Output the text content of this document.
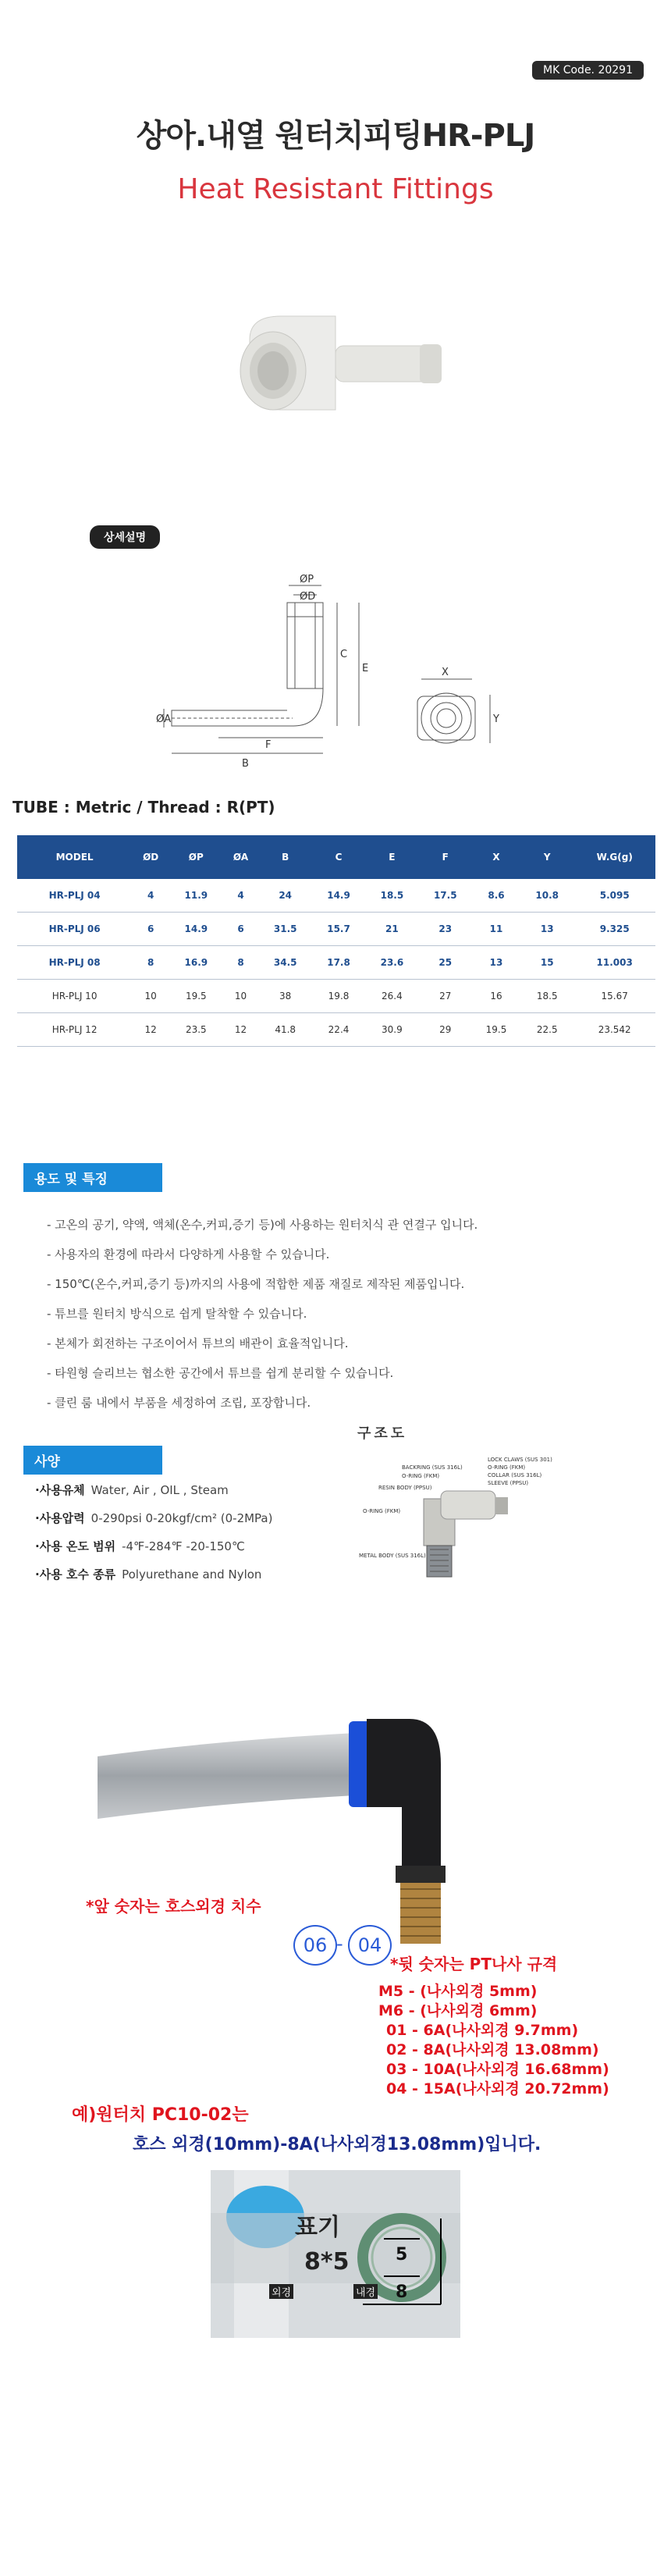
MK Code. 20291
상아.내열 원터치피팅HR-PLJ
Heat Resistant Fittings
상세설명
ØP
ØD
C
E
ØA
F
B
X
Y
TUBE : Metric / Thread : R(PT)
MODEL	ØD	ØP	ØA	B	C	E	F	X	Y	W.G(g)
HR-PLJ 04	4	11.9	4	24	14.9	18.5	17.5	8.6	10.8	5.095
HR-PLJ 06	6	14.9	6	31.5	15.7	21	23	11	13	9.325
HR-PLJ 08	8	16.9	8	34.5	17.8	23.6	25	13	15	11.003
HR-PLJ 10	10	19.5	10	38	19.8	26.4	27	16	18.5	15.67
HR-PLJ 12	12	23.5	12	41.8	22.4	30.9	29	19.5	22.5	23.542
용도 및 특징
- 고온의 공기, 약액, 액체(온수,커피,증기 등)에 사용하는 원터치식 관 연결구 입니다.
- 사용자의 환경에 따라서 다양하게 사용할 수 있습니다.
- 150℃(온수,커피,증기 등)까지의 사용에 적합한 제품 재질로 제작된 제품입니다.
- 튜브를 원터치 방식으로 쉽게 탈착할 수 있습니다.
- 본체가 회전하는 구조이어서 튜브의 배관이 효율적입니다.
- 타원형 슬리브는 협소한 공간에서 튜브를 쉽게 분리할 수 있습니다.
- 클린 룸 내에서 부품을 세정하여 조립, 포장합니다.
사양
·사용유체 Water, Air , OIL , Steam
·사용압력 0-290psi 0-20kgf/cm² (0-2MPa)
·사용 온도 범위 -4℉-284℉ -20-150℃
·사용 호수 종류 Polyurethane and Nylon
구조도
BACKRING (SUS 316L)
O-RING (FKM)
RESIN BODY (PPSU)
O-RING (FKM)
METAL BODY (SUS 316L)
LOCK CLAWS (SUS 301)
O-RING (FKM)
COLLAR (SUS 316L)
SLEEVE (PPSU)
*앞 숫자는 호스외경 치수
06 - 04
*뒷 숫자는 PT나사 규격
M5 - (나사외경 5mm)
M6 - (나사외경 6mm)
01 - 6A(나사외경 9.7mm)
02 - 8A(나사외경 13.08mm)
03 - 10A(나사외경 16.68mm)
04 - 15A(나사외경 20.72mm)
예)원터치 PC10-02는
호스 외경(10mm)-8A(나사외경13.08mm)입니다.
표기
8*5
외경	내경
5
8
